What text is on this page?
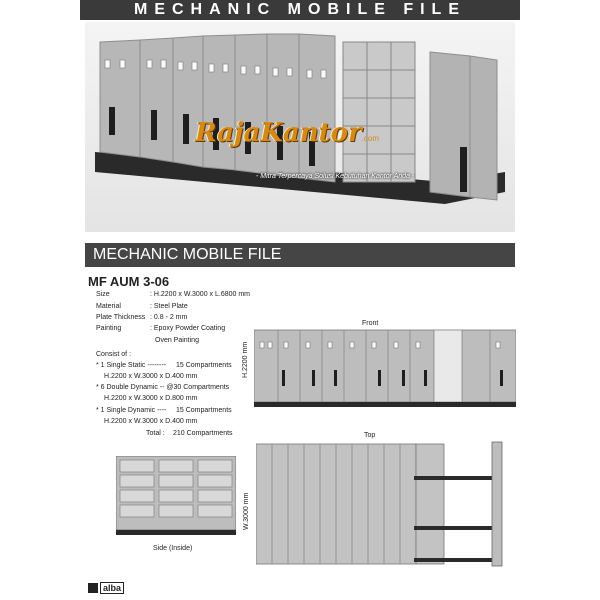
MECHANIC MOBILE FILE
RajaKantor.com
- Mitra Terpercaya Solusi Kebutuhan Kantor Anda -
MECHANIC MOBILE FILE
MF AUM 3-06
Size	: H.2200 x W.3000 x L.6800 mm
Material	: Steel Plate
Plate Thickness : 0.8 - 2 mm
Painting	: Epoxy Powder Coating
Oven Painting
Consist of :
* 1 Single Static -------- 15 Compartments
H.2200 x W.3000 x D.400 mm
* 6 Double Dynamic -- @30 Compartments
H.2200 x W.3000 x D.800 mm
* 1 Single Dynamic ---- 15 Compartments
H.2200 x W.3000 x D.400 mm
Total : 210 Compartments
Front
H.2200 mm
Side (Inside)
Top
W.3000 mm
alba
